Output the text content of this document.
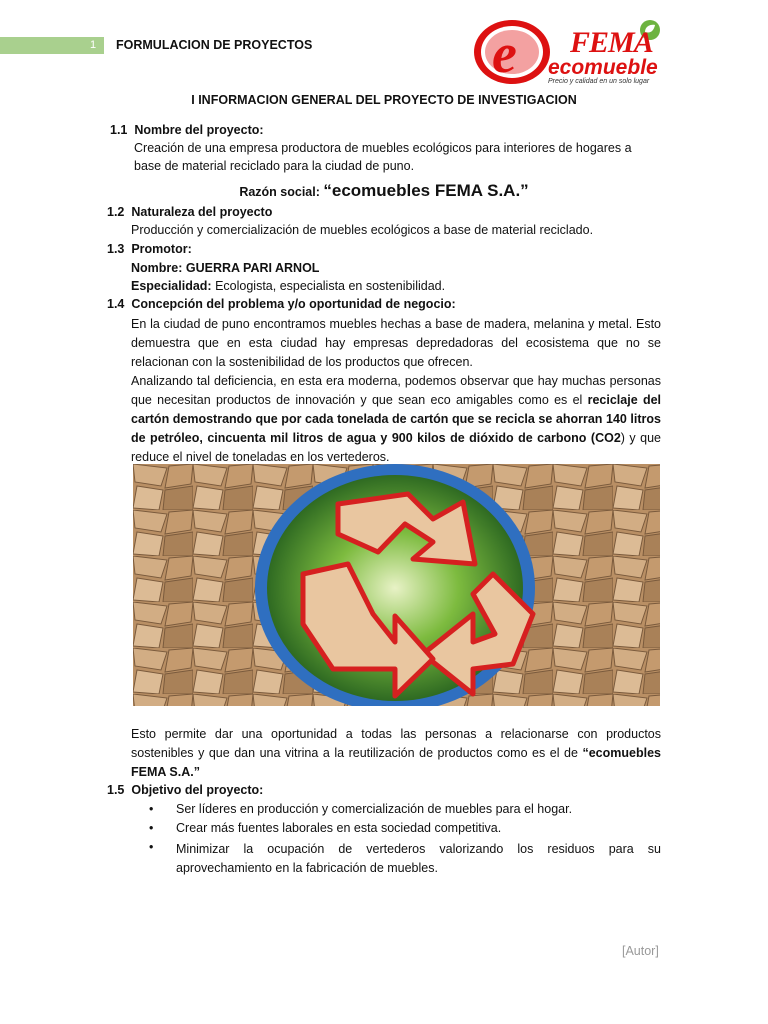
1	FORMULACION DE PROYECTOS	e FEMA
ecomueble
Precio y calidad en un solo lugar
I INFORMACION GENERAL DEL PROYECTO DE INVESTIGACION
1.1 Nombre del proyecto:
Creación de una empresa productora de muebles ecológicos para interiores de hogares a
base de material reciclado para la ciudad de puno.
Razón social: “ecomuebles FEMA S.A.”
1.2 Naturaleza del proyecto
Producción y comercialización de muebles ecológicos a base de material reciclado.
1.3 Promotor:
Nombre: GUERRA PARI ARNOL
Especialidad: Ecologista, especialista en sostenibilidad.
1.4 Concepción del problema y/o oportunidad de negocio:
En la ciudad de puno encontramos muebles hechas a base de madera, melanina y metal. Esto demuestra que en esta ciudad hay empresas depredadoras del ecosistema que no se relacionan con la sostenibilidad de los productos que ofrecen.
Analizando tal deficiencia, en esta era moderna, podemos observar que hay muchas personas que necesitan productos de innovación y que sean eco amigables como es el reciclaje del cartón demostrando que por cada tonelada de cartón que se recicla se ahorran 140 litros de petróleo, cincuenta mil litros de agua y 900 kilos de dióxido de carbono (CO2) y que reduce el nivel de toneladas en los vertederos.
Esto permite dar una oportunidad a todas las personas a relacionarse con productos sostenibles y que dan una vitrina a la reutilización de productos como es el de “ecomuebles FEMA S.A.”
1.5 Objetivo del proyecto:
• Ser líderes en producción y comercialización de muebles para el hogar.
• Crear más fuentes laborales en esta sociedad competitiva.
• Minimizar la ocupación de vertederos valorizando los residuos para su aprovechamiento en la fabricación de muebles.
[Autor]
